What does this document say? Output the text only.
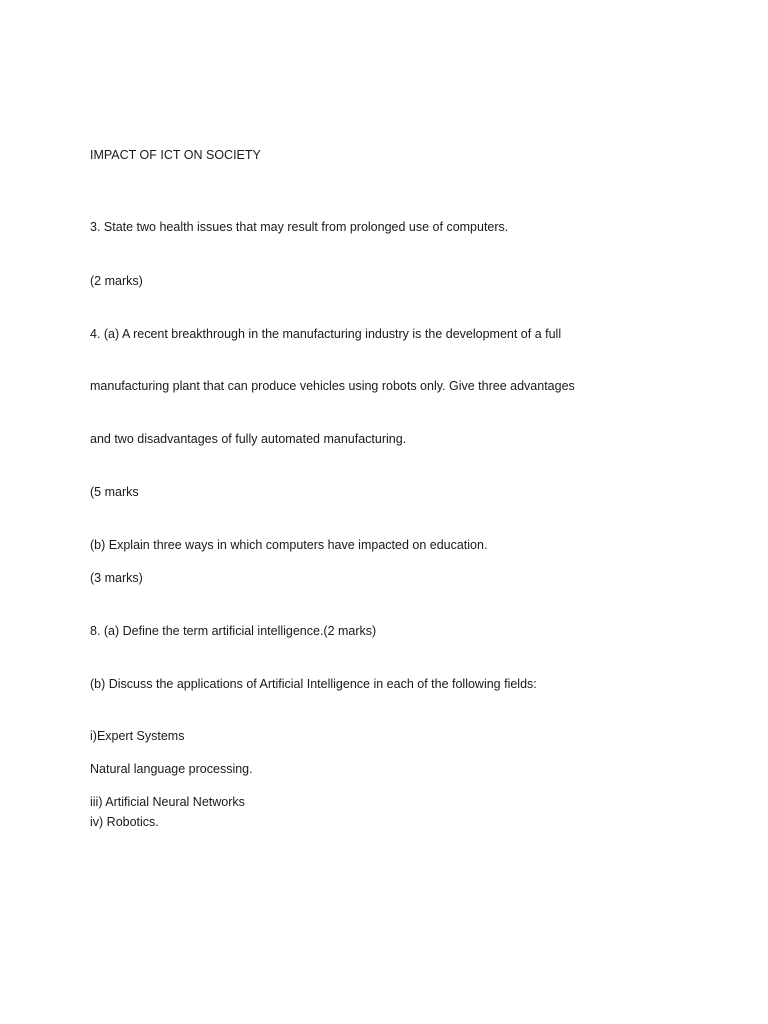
IMPACT OF ICT ON SOCIETY
3. State two health issues that may result from prolonged use of computers.
(2 marks)
4. (a) A recent breakthrough in the manufacturing industry is the development of a full
manufacturing plant that can produce vehicles using robots only. Give three advantages
and two disadvantages of fully automated manufacturing.
(5 marks
(b) Explain three ways in which computers have impacted on education.
(3 marks)
8. (a) Define the term artificial intelligence.(2 marks)
(b) Discuss the applications of Artificial Intelligence in each of the following fields:
i)Expert Systems
Natural language processing.
iii) Artificial Neural Networks
iv) Robotics.
